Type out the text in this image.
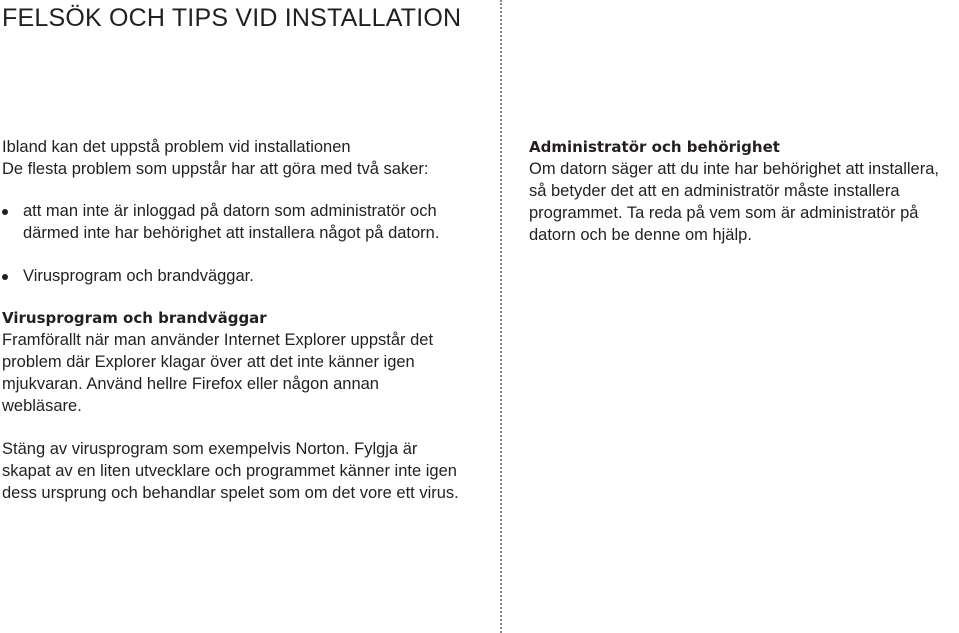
FELSÖK OCH TIPS VID INSTALLATION

Ibland kan det uppstå problem vid installationen
De flesta problem som uppstår har att göra med två saker:

att man inte är inloggad på datorn som administratör och därmed inte har behörighet att installera något på datorn.
Virusprogram och brandväggar.

Virusprogram och brandväggar
Framförallt när man använder Internet Explorer uppstår det problem där Explorer klagar över att det inte känner igen mjukvaran. Använd hellre Firefox eller någon annan webläsare.

Stäng av virusprogram som exempelvis Norton. Fylgja är skapat av en liten utvecklare och programmet känner inte igen dess ursprung och behandlar spelet som om det vore ett virus.

Administratör och behörighet
Om datorn säger att du inte har behörighet att installera, så betyder det att en administratör måste installera programmet. Ta reda på vem som är administratör på datorn och be denne om hjälp.
